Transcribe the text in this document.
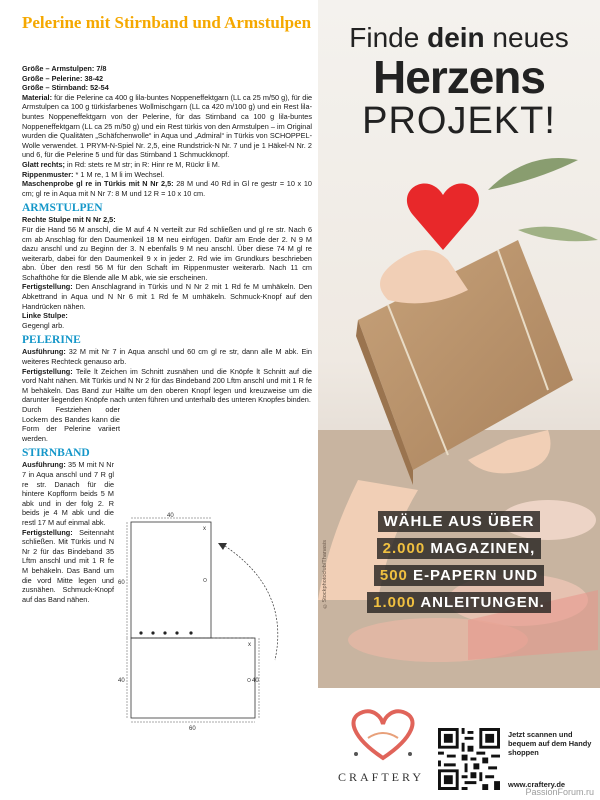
Pelerine mit Stirnband und Armstulpen

Größe – Armstulpen: 7/8

Größe – Pelerine: 38-42

Größe – Stirnband: 52-54

Material: für die Pelerine ca 400 g lila-buntes Noppeneffektgarn (LL ca 25 m/50 g), für die Armstulpen ca 100 g türkisfarbenes Wollmischgarn (LL ca 420 m/100 g) und ein Rest lila-buntes Noppeneffektgarn von der Pelerine, für das Stirnband ca 100 g lila-buntes Noppeneffektgarn (LL ca 25 m/50 g) und ein Rest türkis von den Armstulpen – im Original wurden die Qualitäten „Schäfchenwolle“ in Aqua und „Admiral“ in Türkis von SCHOPPEL-Wolle verwendet. 1 PRYM-N-Spiel Nr. 2,5, eine Rundstrick-N Nr. 7 und je 1 Häkel-N Nr. 2 und 6, für die Pelerine 5 und für das Stirnband 1 Schmuckknopf.

Glatt rechts; in Rd: stets re M str; in R: Hinr re M, Rückr li M.

Rippenmuster: * 1 M re, 1 M li im Wechsel.

Maschenprobe gl re in Türkis mit N Nr 2,5: 28 M und 40 Rd in Gl re gestr = 10 x 10 cm; gl re in Aqua mit N Nr 7: 8 M und 12 R = 10 x 10 cm.

ARMSTULPEN

Rechte Stulpe mit N Nr 2,5:

Für die Hand 56 M anschl, die M auf 4 N verteilt zur Rd schließen und gl re str. Nach 6 cm ab Anschlag für den Daumenkeil 18 M neu einfügen. Dafür am Ende der 2. N 9 M dazu anschl und zu Beginn der 3. N ebenfalls 9 M neu anschl. Über diese 74 M gl re weiterarb, dabei für den Daumenkeil 9 x in jeder 2. Rd wie im Grundkurs beschrieben abn. Über den restl 56 M für den Schaft im Rippenmuster weiterarb. Nach 11 cm Schafthöhe für die Blende alle M abk, wie sie erscheinen.

Fertigstellung: Den Anschlagrand in Türkis und N Nr 2 mit 1 Rd fe M umhäkeln. Den Abkettrand in Aqua und N Nr 6 mit 1 Rd fe M umhäkeln. Schmuck-Knopf auf den Handrücken nähen.

Linke Stulpe:

Gegengl arb.

PELERINE

Ausführung: 32 M mit Nr 7 in Aqua anschl und 60 cm gl re str, dann alle M abk. Ein weiteres Rechteck genauso arb.

Fertigstellung: Teile lt Zeichen im Schnitt zusnähen und die Knöpfe lt Schnitt auf die vord Naht nähen. Mit Türkis und N Nr 2 für das Bindeband 200 Lftm anschl und mit 1 R fe M behäkeln. Das Band zur Hälfte um den oberen Knopf legen und kreuzweise um die darunter liegenden Knöpfe nach unten führen und unterhalb des unteren Knopfes binden.

Durch Festziehen oder Lockern des Bandes kann die Form der Pelerine variiert werden.

STIRNBAND

Ausführung: 35 M mit N Nr 7 in Aqua anschl und 7 R gl re str. Danach für die hintere Kopfform beids 5 M abk und in der folg 2. R beids je 4 M abk und die restl 17 M auf einmal abk.

Fertigstellung: Seitennaht schließen. Mit Türkis und N Nr 2 für das Bindeband 35 Lftm anschl und mit 1 R fe M behäkeln. Das Band um die vord Mitte legen und zusnähen. Schmuck-Knopf auf das Band nähen.

40
60
40	40
60
x
x
Finde dein neues
Herzens
PROJEKT!
©Stockphotoclub/Thanasis
WÄHLE AUS ÜBER
2.000 MAGAZINEN,
500 E-PAPERN UND
1.000 ANLEITUNGEN.
CRAFTERY
Jetzt scannen und bequem auf dem Handy shoppen
www.craftery.de
PassionForum.ru
